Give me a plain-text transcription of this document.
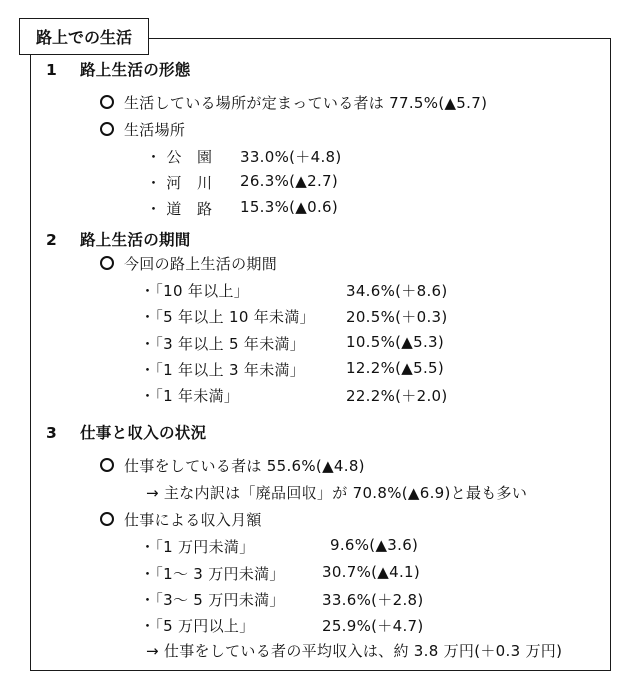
路上での生活
1 路上生活の形態
生活している場所が定まっている者は 77.5%(▲5.7)
生活場所
・ 公　園 33.0%(＋4.8)
・ 河　川 26.3%(▲2.7)
・ 道　路 15.3%(▲0.6)
2 路上生活の期間
今回の路上生活の期間
・「10 年以上」	34.6%(＋8.6)
・「5 年以上 10 年未満」 20.5%(＋0.3)
・「3 年以上 5 年未満」	10.5%(▲5.3)
・「1 年以上 3 年未満」	12.2%(▲5.5)
・「1 年未満」	22.2%(＋2.0)
3 仕事と収入の状況
仕事をしている者は 55.6%(▲4.8)
→ 主な内訳は「廃品回収」が 70.8%(▲6.9)と最も多い
仕事による収入月額
・「1 万円未満」	9.6%(▲3.6)
・「1～ 3 万円未満」 30.7%(▲4.1)
・「3～ 5 万円未満」 33.6%(＋2.8)
・「5 万円以上」	25.9%(＋4.7)
→ 仕事をしている者の平均収入は、約 3.8 万円(＋0.3 万円)
